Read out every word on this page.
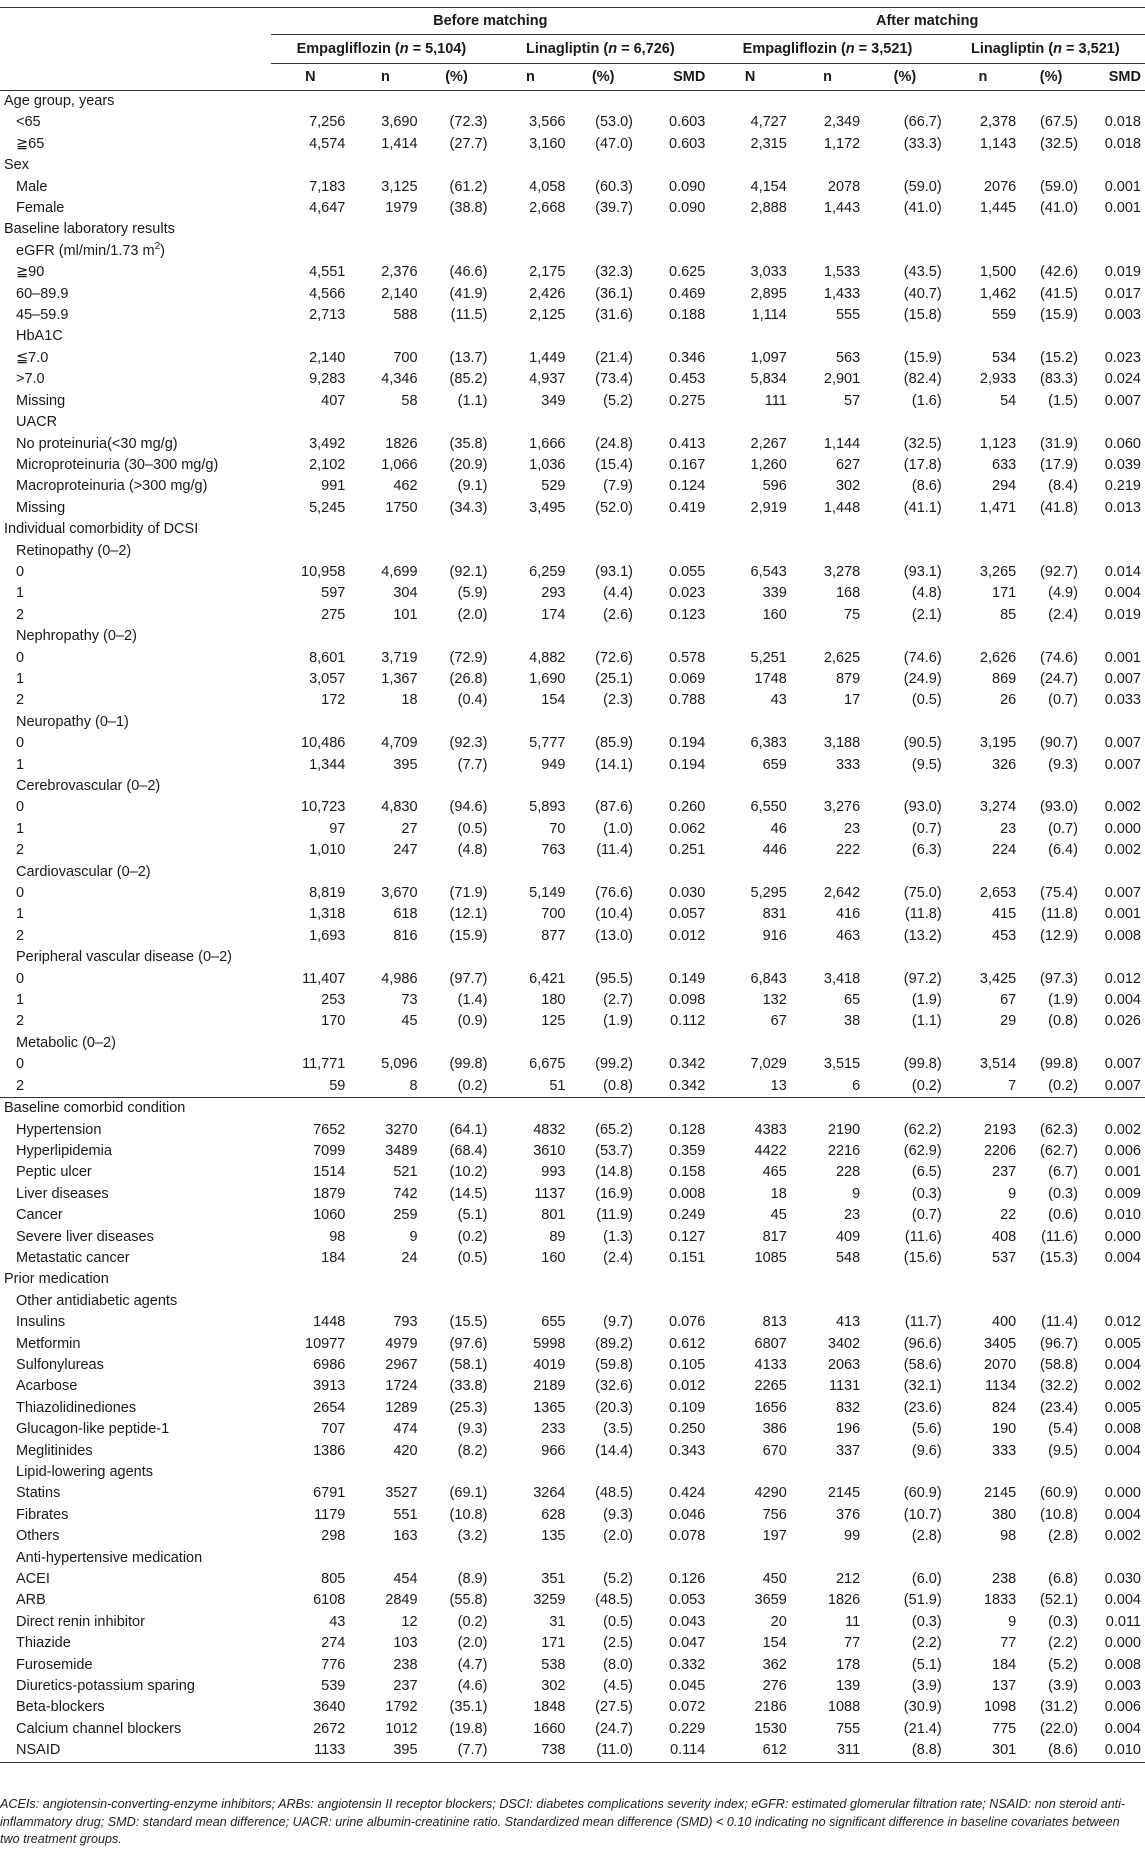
	Before matching						After matching					
	Empagliflozin (n = 5,104)			Linagliptin (n = 6,726)			Empagliflozin (n = 3,521)			Linagliptin (n = 3,521)		
	N	n	(%)	n	(%)	SMD	N	n	(%)	n	(%)	SMD
Age group, years												
<65	7,256	3,690	(72.3)	3,566	(53.0)	0.603	4,727	2,349	(66.7)	2,378	(67.5)	0.018
≧65	4,574	1,414	(27.7)	3,160	(47.0)	0.603	2,315	1,172	(33.3)	1,143	(32.5)	0.018
Sex												
Male	7,183	3,125	(61.2)	4,058	(60.3)	0.090	4,154	2078	(59.0)	2076	(59.0)	0.001
Female	4,647	1979	(38.8)	2,668	(39.7)	0.090	2,888	1,443	(41.0)	1,445	(41.0)	0.001
Baseline laboratory results												
eGFR (ml/min/1.73 $m^2$)												
≧90	4,551	2,376	(46.6)	2,175	(32.3)	0.625	3,033	1,533	(43.5)	1,500	(42.6)	0.019
60–89.9	4,566	2,140	(41.9)	2,426	(36.1)	0.469	2,895	1,433	(40.7)	1,462	(41.5)	0.017
45–59.9	2,713	588	(11.5)	2,125	(31.6)	0.188	1,114	555	(15.8)	559	(15.9)	0.003
HbA1C												
≦7.0	2,140	700	(13.7)	1,449	(21.4)	0.346	1,097	563	(15.9)	534	(15.2)	0.023
>7.0	9,283	4,346	(85.2)	4,937	(73.4)	0.453	5,834	2,901	(82.4)	2,933	(83.3)	0.024
Missing	407	58	(1.1)	349	(5.2)	0.275	111	57	(1.6)	54	(1.5)	0.007
UACR												
No proteinuria(<30 mg/g)	3,492	1826	(35.8)	1,666	(24.8)	0.413	2,267	1,144	(32.5)	1,123	(31.9)	0.060
Microproteinuria (30–300 mg/g)	2,102	1,066	(20.9)	1,036	(15.4)	0.167	1,260	627	(17.8)	633	(17.9)	0.039
Macroproteinuria (>300 mg/g)	991	462	(9.1)	529	(7.9)	0.124	596	302	(8.6)	294	(8.4)	0.219
Missing	5,245	1750	(34.3)	3,495	(52.0)	0.419	2,919	1,448	(41.1)	1,471	(41.8)	0.013
Individual comorbidity of DCSI												
Retinopathy (0–2)												
0	10,958	4,699	(92.1)	6,259	(93.1)	0.055	6,543	3,278	(93.1)	3,265	(92.7)	0.014
1	597	304	(5.9)	293	(4.4)	0.023	339	168	(4.8)	171	(4.9)	0.004
2	275	101	(2.0)	174	(2.6)	0.123	160	75	(2.1)	85	(2.4)	0.019
Nephropathy (0–2)												
0	8,601	3,719	(72.9)	4,882	(72.6)	0.578	5,251	2,625	(74.6)	2,626	(74.6)	0.001
1	3,057	1,367	(26.8)	1,690	(25.1)	0.069	1748	879	(24.9)	869	(24.7)	0.007
2	172	18	(0.4)	154	(2.3)	0.788	43	17	(0.5)	26	(0.7)	0.033
Neuropathy (0–1)												
0	10,486	4,709	(92.3)	5,777	(85.9)	0.194	6,383	3,188	(90.5)	3,195	(90.7)	0.007
1	1,344	395	(7.7)	949	(14.1)	0.194	659	333	(9.5)	326	(9.3)	0.007
Cerebrovascular (0–2)												
0	10,723	4,830	(94.6)	5,893	(87.6)	0.260	6,550	3,276	(93.0)	3,274	(93.0)	0.002
1	97	27	(0.5)	70	(1.0)	0.062	46	23	(0.7)	23	(0.7)	0.000
2	1,010	247	(4.8)	763	(11.4)	0.251	446	222	(6.3)	224	(6.4)	0.002
Cardiovascular (0–2)												
0	8,819	3,670	(71.9)	5,149	(76.6)	0.030	5,295	2,642	(75.0)	2,653	(75.4)	0.007
1	1,318	618	(12.1)	700	(10.4)	0.057	831	416	(11.8)	415	(11.8)	0.001
2	1,693	816	(15.9)	877	(13.0)	0.012	916	463	(13.2)	453	(12.9)	0.008
Peripheral vascular disease (0–2)												
0	11,407	4,986	(97.7)	6,421	(95.5)	0.149	6,843	3,418	(97.2)	3,425	(97.3)	0.012
1	253	73	(1.4)	180	(2.7)	0.098	132	65	(1.9)	67	(1.9)	0.004
2	170	45	(0.9)	125	(1.9)	0.112	67	38	(1.1)	29	(0.8)	0.026
Metabolic (0–2)												
0	11,771	5,096	(99.8)	6,675	(99.2)	0.342	7,029	3,515	(99.8)	3,514	(99.8)	0.007
2	59	8	(0.2)	51	(0.8)	0.342	13	6	(0.2)	7	(0.2)	0.007
Baseline comorbid condition												
Hypertension	7652	3270	(64.1)	4832	(65.2)	0.128	4383	2190	(62.2)	2193	(62.3)	0.002
Hyperlipidemia	7099	3489	(68.4)	3610	(53.7)	0.359	4422	2216	(62.9)	2206	(62.7)	0.006
Peptic ulcer	1514	521	(10.2)	993	(14.8)	0.158	465	228	(6.5)	237	(6.7)	0.001
Liver diseases	1879	742	(14.5)	1137	(16.9)	0.008	18	9	(0.3)	9	(0.3)	0.009
Cancer	1060	259	(5.1)	801	(11.9)	0.249	45	23	(0.7)	22	(0.6)	0.010
Severe liver diseases	98	9	(0.2)	89	(1.3)	0.127	817	409	(11.6)	408	(11.6)	0.000
Metastatic cancer	184	24	(0.5)	160	(2.4)	0.151	1085	548	(15.6)	537	(15.3)	0.004
Prior medication												
Other antidiabetic agents												
Insulins	1448	793	(15.5)	655	(9.7)	0.076	813	413	(11.7)	400	(11.4)	0.012
Metformin	10977	4979	(97.6)	5998	(89.2)	0.612	6807	3402	(96.6)	3405	(96.7)	0.005
Sulfonylureas	6986	2967	(58.1)	4019	(59.8)	0.105	4133	2063	(58.6)	2070	(58.8)	0.004
Acarbose	3913	1724	(33.8)	2189	(32.6)	0.012	2265	1131	(32.1)	1134	(32.2)	0.002
Thiazolidinediones	2654	1289	(25.3)	1365	(20.3)	0.109	1656	832	(23.6)	824	(23.4)	0.005
Glucagon-like peptide-1	707	474	(9.3)	233	(3.5)	0.250	386	196	(5.6)	190	(5.4)	0.008
Meglitinides	1386	420	(8.2)	966	(14.4)	0.343	670	337	(9.6)	333	(9.5)	0.004
Lipid-lowering agents												
Statins	6791	3527	(69.1)	3264	(48.5)	0.424	4290	2145	(60.9)	2145	(60.9)	0.000
Fibrates	1179	551	(10.8)	628	(9.3)	0.046	756	376	(10.7)	380	(10.8)	0.004
Others	298	163	(3.2)	135	(2.0)	0.078	197	99	(2.8)	98	(2.8)	0.002
Anti-hypertensive medication												
ACEI	805	454	(8.9)	351	(5.2)	0.126	450	212	(6.0)	238	(6.8)	0.030
ARB	6108	2849	(55.8)	3259	(48.5)	0.053	3659	1826	(51.9)	1833	(52.1)	0.004
Direct renin inhibitor	43	12	(0.2)	31	(0.5)	0.043	20	11	(0.3)	9	(0.3)	0.011
Thiazide	274	103	(2.0)	171	(2.5)	0.047	154	77	(2.2)	77	(2.2)	0.000
Furosemide	776	238	(4.7)	538	(8.0)	0.332	362	178	(5.1)	184	(5.2)	0.008
Diuretics-potassium sparing	539	237	(4.6)	302	(4.5)	0.045	276	139	(3.9)	137	(3.9)	0.003
Beta-blockers	3640	1792	(35.1)	1848	(27.5)	0.072	2186	1088	(30.9)	1098	(31.2)	0.006
Calcium channel blockers	2672	1012	(19.8)	1660	(24.7)	0.229	1530	755	(21.4)	775	(22.0)	0.004
NSAID	1133	395	(7.7)	738	(11.0)	0.114	612	311	(8.8)	301	(8.6)	0.010
ACEIs: angiotensin-converting-enzyme inhibitors; ARBs: angiotensin II receptor blockers; DSCI: diabetes complications severity index; eGFR: estimated glomerular filtration rate; NSAID: non steroid anti-inflammatory drug; SMD: standard mean difference; UACR: urine albumin-creatinine ratio. Standardized mean difference (SMD) < 0.10 indicating no significant difference in baseline covariates between two treatment groups.
